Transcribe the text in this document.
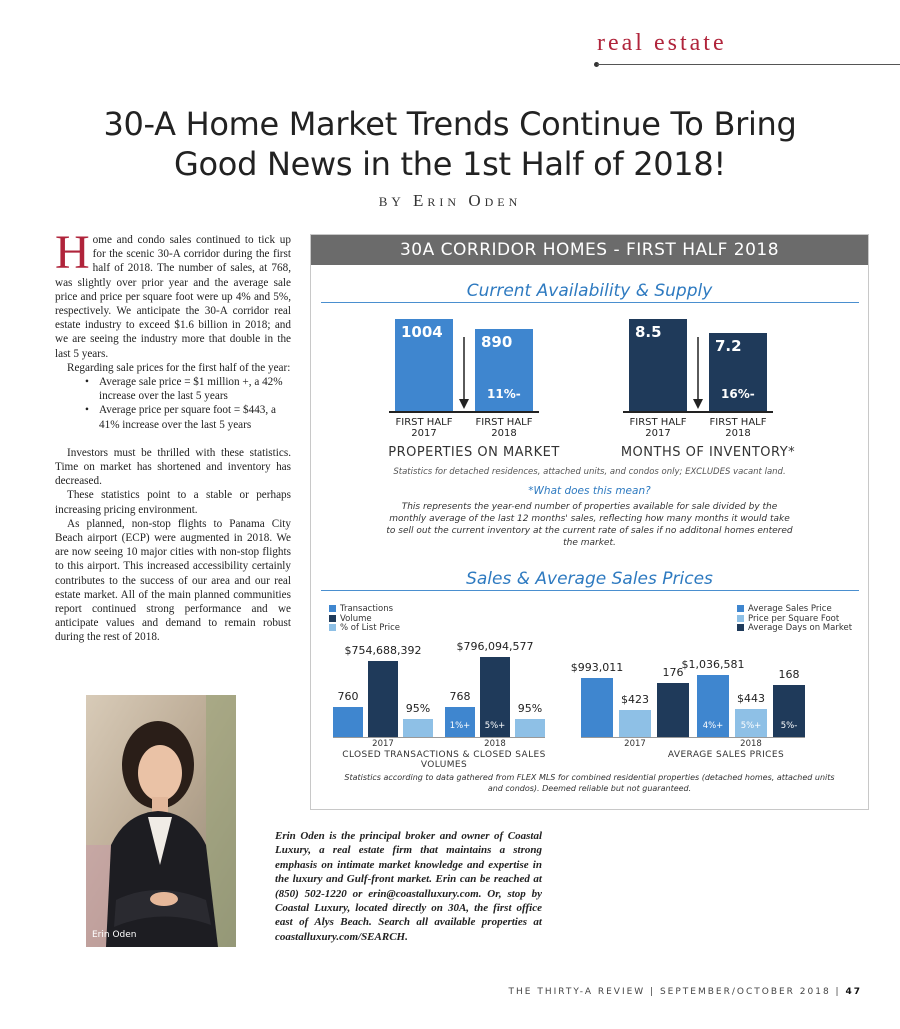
real estate
30-A Home Market Trends Continue To Bring
Good News in the 1st Half of 2018!
BY Erin Oden

Home and condo sales continued to tick up for the scenic 30-A corridor during the first half of 2018. The number of sales, at 768, was slightly over prior year and the average sale price and price per square foot were up 4% and 5%, respectively. We anticipate the 30-A corridor real estate industry to exceed $1.6 billion in 2018; and we are seeing the industry more that double in the last 5 years.

Regarding sale prices for the first half of the year:

• Average sale price = $1 million +, a 42% increase over the last 5 years
• Average price per square foot = $443, a 41% increase over the last 5 years

Investors must be thrilled with these statistics. Time on market has shortened and inventory has decreased.

These statistics point to a stable or perhaps increasing pricing environment.

As planned, non-stop flights to Panama City Beach airport (ECP) were augmented in 2018. We are now seeing 10 major cities with non-stop flights to this airport. This increased accessibility certainly contributes to the success of our area and our real estate market. All of the main planned communities report continued strong performance and we anticipate values and demand to remain robust during the rest of 2018.

30A CORRIDOR HOMES - FIRST HALF 2018
Current Availability & Supply
1004
FIRST HALF
2017
890
FIRST HALF
2018
11%-
8.5
FIRST HALF
2017
7.2
FIRST HALF
2018
16%-
PROPERTIES ON MARKET	MONTHS OF INVENTORY*
Statistics for detached residences, attached units, and condos only; EXCLUDES vacant land.
*What does this mean?
This represents the year-end number of properties available for sale divided by the monthly average of the last 12 months' sales, reflecting how many months it would take to sell out the current inventory at the current rate of sales if no additonal homes entered the market.
Sales & Average Sales Prices
Transactions
Volume
% of List Price
760
$754,688,392
95%
2017
768
1%+
$796,094,577
5%+
95%
2018
Average Sales Price
Price per Square Foot
Average Days on Market
$993,011
$423
176
2017
$1,036,581
4%+
$443
5%+
168
5%-
2018
CLOSED TRANSACTIONS & CLOSED SALES VOLUMES
AVERAGE SALES PRICES
Statistics according to data gathered from FLEX MLS for combined residential properties (detached homes, attached units and condos). Deemed reliable but not guaranteed.
Erin Oden
Erin Oden is the principal broker and owner of Coastal Luxury, a real estate firm that maintains a strong emphasis on intimate market knowledge and expertise in the luxury and Gulf-front market. Erin can be reached at (850) 502-1220 or erin@coastalluxury.com. Or, stop by Coastal Luxury, located directly on 30A, the first office east of Alys Beach. Search all available properties at coastalluxury.com/SEARCH.
THE THIRTY-A REVIEW | SEPTEMBER/OCTOBER 2018 | 47
